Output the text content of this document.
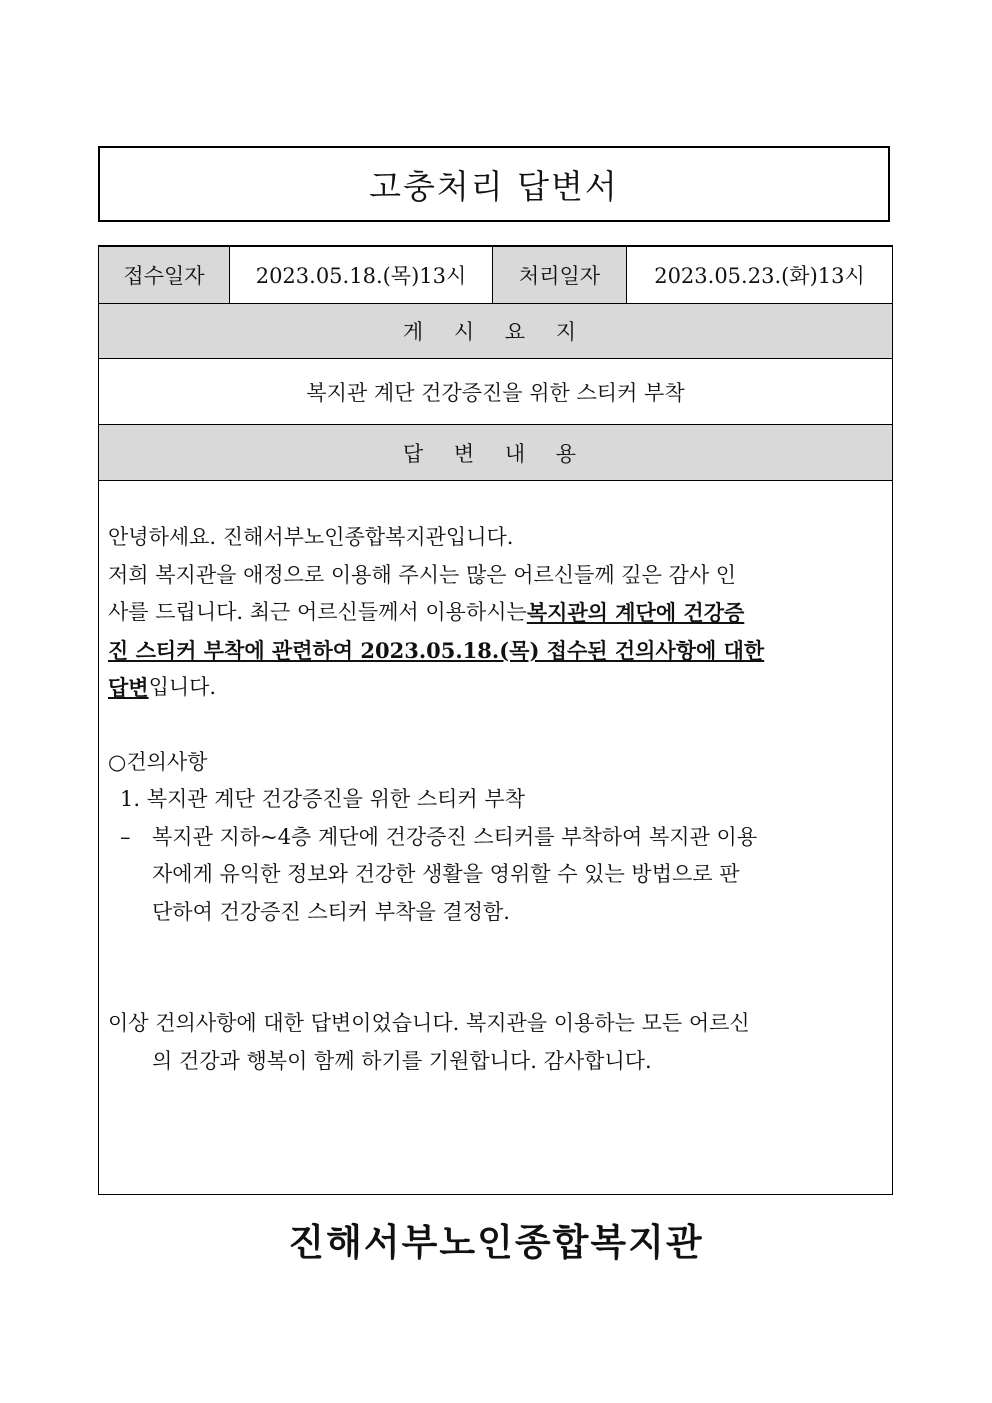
고충처리 답변서
접수일자	2023.05.18.(목)13시	처리일자	2023.05.23.(화)13시
게 시 요 지
복지관 계단 건강증진을 위한 스티커 부착
답 변 내 용

안녕하세요. 진해서부노인종합복지관입니다.
저희 복지관을 애정으로 이용해 주시는 많은 어르신들께 깊은 감사 인
사를 드립니다. 최근 어르신들께서 이용하시는 복지관의 계단에 건강증
진 스티커 부착에 관련하여 2023.05.18.(목) 접수된 건의사항에 대한
답변 입니다.
○건의사항
1. 복지관 계단 건강증진을 위한 스티커 부착
–	복지관 지하~4층 계단에 건강증진 스티커를 부착하여 복지관 이용
자에게 유익한 정보와 건강한 생활을 영위할 수 있는 방법으로 판
단하여 건강증진 스티커 부착을 결정함.
이상 건의사항에 대한 답변이었습니다. 복지관을 이용하는 모든 어르신
의 건강과 행복이 함께 하기를 기원합니다. 감사합니다.
진해서부노인종합복지관
